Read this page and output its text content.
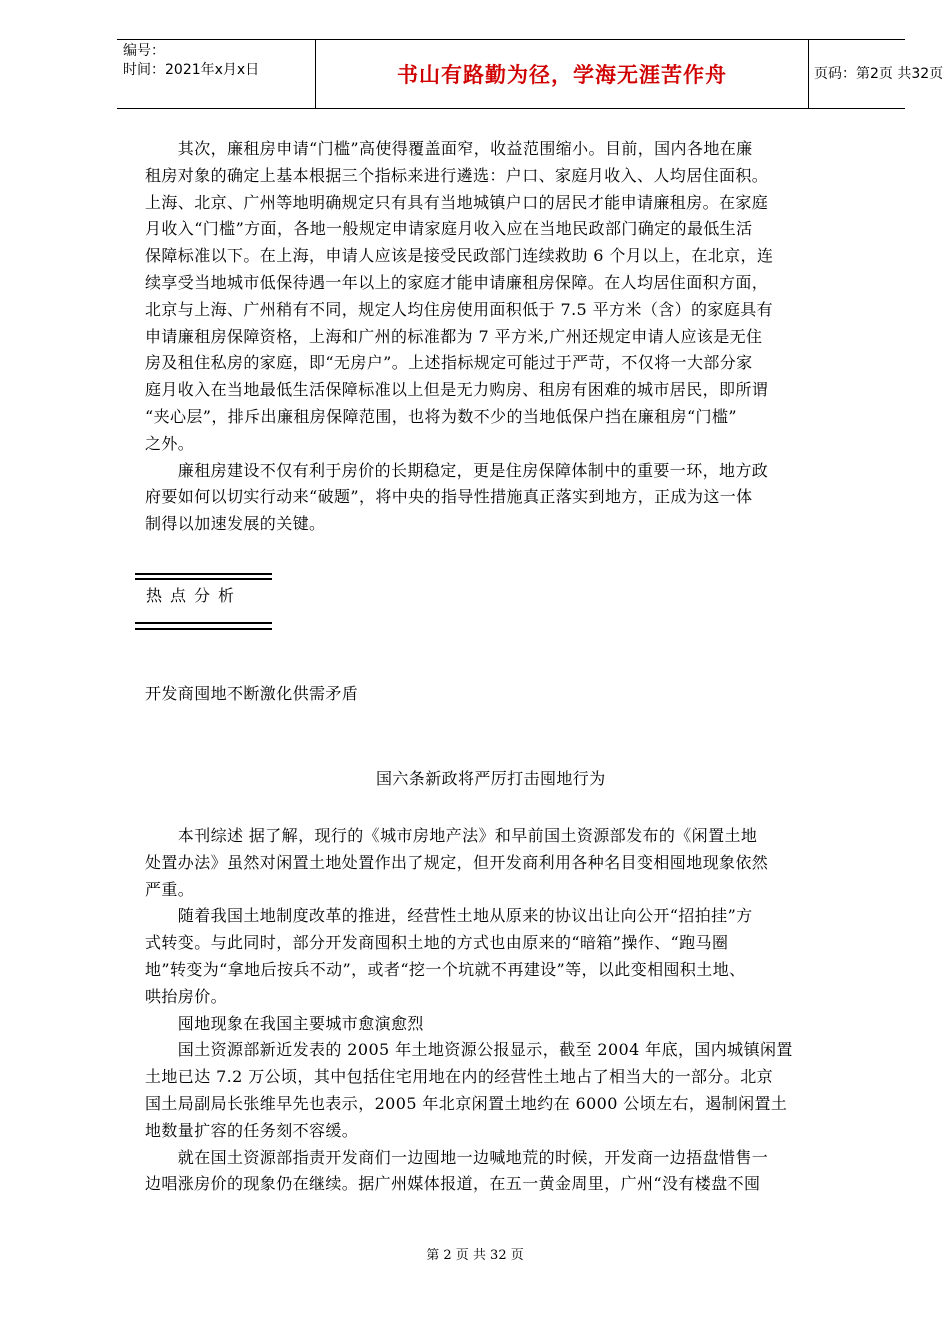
编号：
时间：2021年x月x日	书山有路勤为径，学海无涯苦作舟	页码：第2页 共32页

　　其次，廉租房申请“门槛”高使得覆盖面窄，收益范围缩小。目前，国内各地在廉

租房对象的确定上基本根据三个指标来进行遴选：户口、家庭月收入、人均居住面积。

上海、北京、广州等地明确规定只有具有当地城镇户口的居民才能申请廉租房。在家庭

月收入“门槛”方面，各地一般规定申请家庭月收入应在当地民政部门确定的最低生活

保障标准以下。在上海，申请人应该是接受民政部门连续救助 6 个月以上，在北京，连

续享受当地城市低保待遇一年以上的家庭才能申请廉租房保障。在人均居住面积方面，

北京与上海、广州稍有不同，规定人均住房使用面积低于 7.5 平方米（含）的家庭具有

申请廉租房保障资格，上海和广州的标准都为 7 平方米,广州还规定申请人应该是无住

房及租住私房的家庭，即“无房户”。上述指标规定可能过于严苛，不仅将一大部分家

庭月收入在当地最低生活保障标准以上但是无力购房、租房有困难的城市居民，即所谓

“夹心层”，排斥出廉租房保障范围，也将为数不少的当地低保户挡在廉租房“门槛”

之外。

　　廉租房建设不仅有利于房价的长期稳定，更是住房保障体制中的重要一环，地方政

府要如何以切实行动来“破题”，将中央的指导性措施真正落实到地方，正成为这一体

制得以加速发展的关键。

热点分析
开发商囤地不断激化供需矛盾
国六条新政将严厉打击囤地行为

　　本刊综述 据了解，现行的《城市房地产法》和早前国土资源部发布的《闲置土地

处置办法》虽然对闲置土地处置作出了规定，但开发商利用各种名目变相囤地现象依然

严重。

　　随着我国土地制度改革的推进，经营性土地从原来的协议出让向公开“招拍挂”方

式转变。与此同时，部分开发商囤积土地的方式也由原来的“暗箱”操作、“跑马圈

地”转变为“拿地后按兵不动”，或者“挖一个坑就不再建设”等，以此变相囤积土地、

哄抬房价。

　　囤地现象在我国主要城市愈演愈烈

　　国土资源部新近发表的 2005 年土地资源公报显示，截至 2004 年底，国内城镇闲置

土地已达 7.2 万公顷，其中包括住宅用地在内的经营性土地占了相当大的一部分。北京

国土局副局长张维早先也表示，2005 年北京闲置土地约在 6000 公顷左右，遏制闲置土

地数量扩容的任务刻不容缓。

　　就在国土资源部指责开发商们一边囤地一边喊地荒的时候，开发商一边捂盘惜售一

边唱涨房价的现象仍在继续。据广州媒体报道，在五一黄金周里，广州“没有楼盘不囤

第 2 页 共 32 页
